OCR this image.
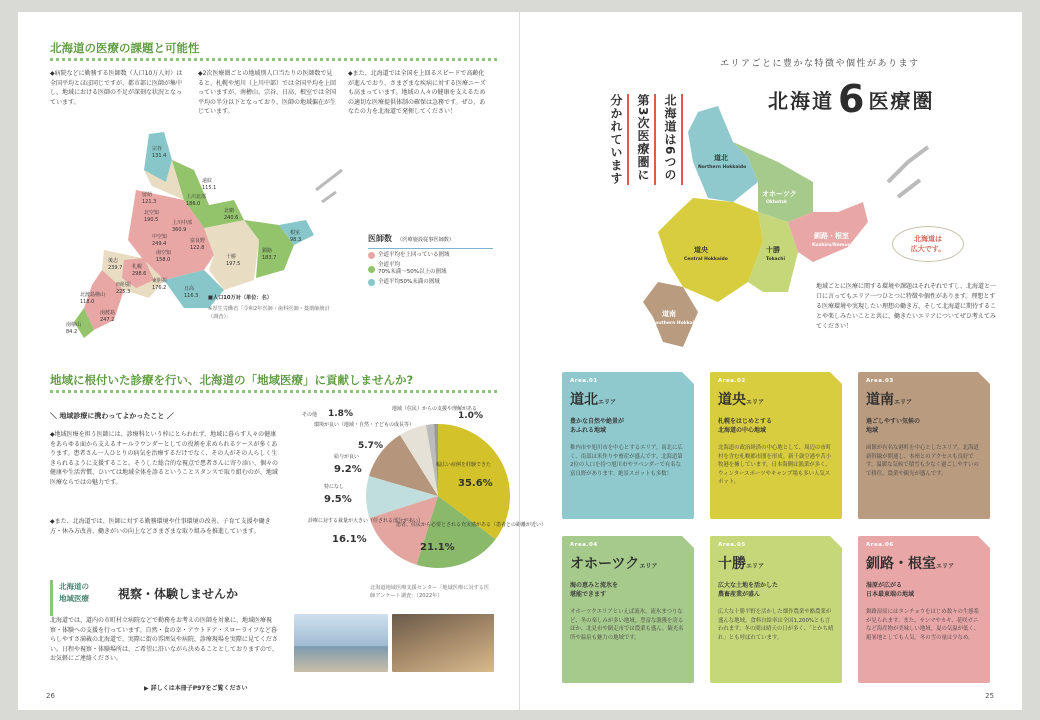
北海道の医療の課題と可能性
◆病院などに勤務する医師数（人口10万人対）は全国平均とほぼ同じですが、都市部に医師が集中し、地域における医師の不足が深刻な状況となっています。
◆2次医療圏ごとの地域別人口当たりの医師数で見ると、札幌や旭川（上川中部）では全国平均を上回っていますが、南檜山、宗谷、日高、根室では全国平均の半分以下となっており、医師の地域偏在が生じています。
◆また、北海道では全国を上回るスピードで高齢化が進んでおり、さまざまな疾病に対する医療ニーズも高まっています。地域の人々の健康を支えるための適切な医療提供体制の確保は急務です。ぜひ、あなたの力を北海道で発揮してください！
宗谷
131.4
留萌
121.3
上川北部
186.0
北網
240.6
遠紋
115.1
富良野
122.8
上川中部
360.9
中空知
249.4
北空知
190.5
南空知
158.0
札幌
298.6
後志
239.7
西胆振
225.3
東胆振
176.2	日高
116.3
十勝
197.5
釧路
183.7
根室
98.3
北渡島檜山
118.0
南渡島
247.2
南檜山
84.2
■人口10万対（単位：名）
※厚生労働省「令和2年医師・歯科医師・薬剤師統計（調査）」
医師数 （医療施設従事医師数）
全道平均を上回っている圏域
全道平均
70%未満〜50%以上の圏域
全道平均50%未満の圏域
地域に根付いた診療を行い、北海道の「地域医療」に貢献しませんか?
＼ 地域診療に携わってよかったこと ／
◆地域医療を担う医師には、診療科という枠にとらわれず、地域に暮らす人々の健康をあらゆる面から支えるオールラウンダーとしての役割を求められるケースが多くあります。患者さん一人ひとりの病気を治療するだけでなく、その人がその人らしく生きられるように支援すること。そうした総合的な視点で患者さんに寄り添い、個々の健康や生活習慣、ひいては地域全体を診るということスタンスで取り組むのが、地域医療ならではの魅力です。
◆また、北海道では、医師に対する勤務環境や仕事環境の改善、子育て支援や働き方・休み方改善、働きがいの向上などさまざまな取り組みを推進しています。
幅広い症例を経験できた
35.6%
患者、住民から必要とされる充実感がある（患者との距離が近い）
21.1%
診療に対する裁量が大きい（任される部分が多い）
16.1%
特になし
9.5%
給与が良い
9.2%
環境が良い（地域・自然・子どもの成長等）
5.7%
その他 1.8%	地域（住民）からの支援や理解がある
1.0%
北海道地域医療支援センター「地域医療に対する医師アンケート調査」（2022年）
北海道の
地域医療 視察・体験しませんか
北海道では、道内の市町村立病院などで勤務をお考えの医師を対象に、地域医療視察・体験への支援を行っています。自然・食の幸・アウトドア・スローライフなど暮らしやすさ満載の北海道で、実際に街の雰囲気や病院、診療現場を実際に見てください。日程や視察・体験場所は、ご希望に沿いながら決めることとしておりますので、お気軽にご連絡ください。
▶ 詳しくは本冊子P97をご覧ください
26
エリアごとに豊かな特徴や個性があります
北海道 6 医療圏
北海道は6つの
第3次医療圏に
分かれています	道北
Northern Hokkaido
オホーツク
Okhotsk
道央
Central Hokkaido
十勝
Tokachi
釧路・根室
Kushiro/Nemuro
道南
Southern Hokkaido
北海道は
広大です。
地域ごとに医療に関する環境や課題はそれぞれですし、北海道と一口に言ってもエリア一つひとつに特徴や個性があります。理想とする医療環境や実現したい理想の働き方、そして北海道に期待することや楽しみたいことと共に、働きたいエリアについてぜひ考えてみてください！
Area.01
道北エリア
豊かな自然や絶景が
あふれる地域
稚内市や旭川市を中心とするエリア。南北に広く、南部は米作りや畜産が盛んです。北海道第2位の人口を持つ旭川市やラベンダーで有名な富良野があります。絶景スポットも多数！
Area.02
道央エリア
札幌をはじめとする
北海道の中心地域
北海道の政治経済の中心地として、周辺の市町村を含む札幌都市圏を形成。新千歳空港や苫小牧港を擁しています。日本海側は漁業が多く、ウィンタースポーツやキャンプ場も多い人気スポット。
Area.03
道南エリア
過ごしやすい気候の
地域
函館が有名な港町を中心としたエリア。北海道新幹線が開通し、本州とのアクセスも良好です。温暖な気候で積雪も少なく過ごしやすいので移住、農業や観光が盛んです。
Area.04
オホーツクエリア
海の恵みと流氷を
堪能できます
オホーツクエリアといえば流氷。流氷まつりなど、冬の楽しみが多い地域。豊富な漁獲を誇るほか、北見市や網走市では農業も盛ん。観光名所や温泉も魅力の地域です。
Area.05
十勝エリア
広大な土地を活かした
農畜産業が盛ん
広大な十勝平野を活かした畑作農業や酪農業が盛んな地域。食料自給率は全国1,200%とも言われます。冬の間は晴天の日が多く、「とかち晴れ」とも呼ばれています。
Area.06
釧路・根室エリア
湿原が広がる
日本最東端の地域
釧路湿原にはタンチョウをはじめ数々の生態系が見られます。また、サンマやカキ、花咲ガニなど海産物が美味しい地域。夏の気温が低く、避暑地としても人気。冬の雪の量は少なめ。
25
